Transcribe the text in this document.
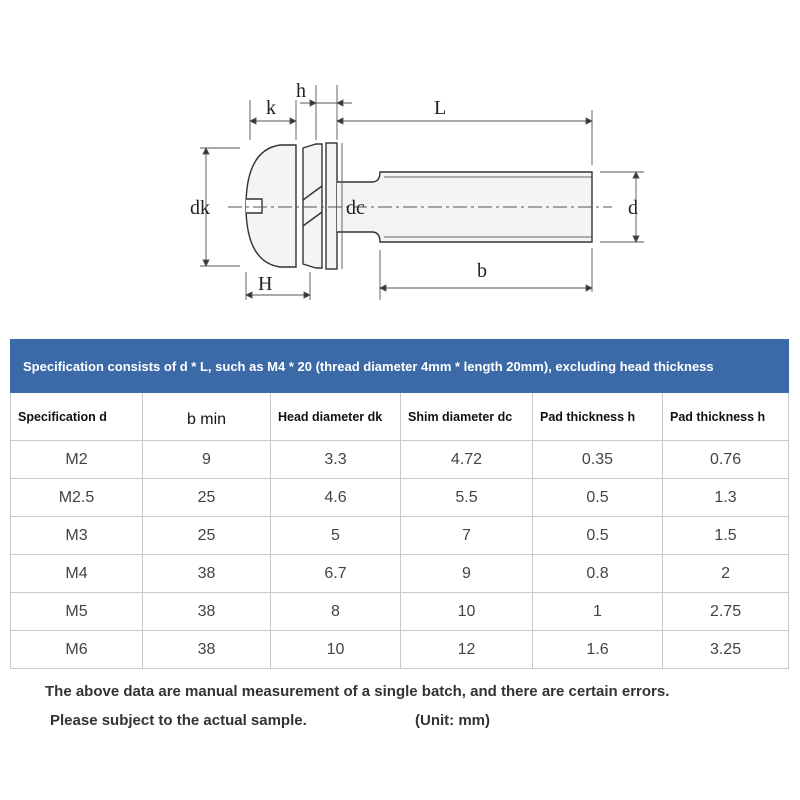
k
h
L
dk	dc	d
H
b
Specification consists of d * L, such as M4 * 20 (thread diameter 4mm * length 20mm), excluding head thickness					
Specification d	b min	Head diameter dk	Shim diameter dc	Pad thickness h	Pad thickness h
M2	9	3.3	4.72	0.35	0.76
M2.5	25	4.6	5.5	0.5	1.3
M3	25	5	7	0.5	1.5
M4	38	6.7	9	0.8	2
M5	38	8	10	1	2.75
M6	38	10	12	1.6	3.25
The above data are manual measurement of a single batch, and there are certain errors.
Please subject to the actual sample.	(Unit: mm)
